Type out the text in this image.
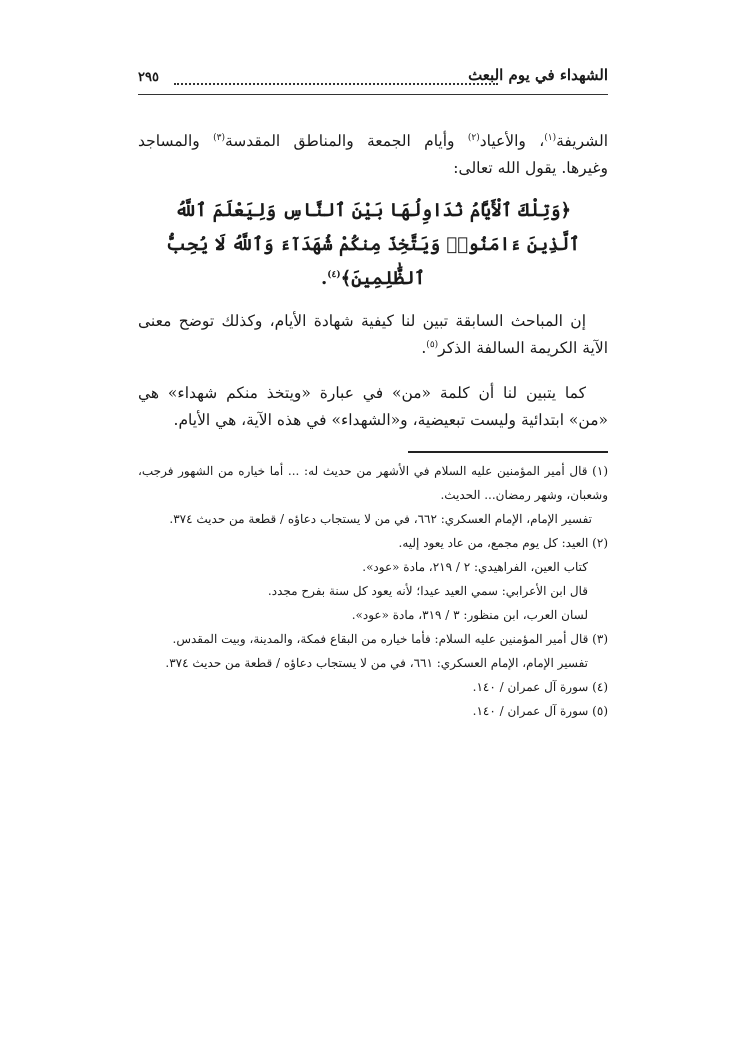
٢٩٥	الشهداء في يوم البعث

الشريفة$^{(١)}$، والأعياد$^{(٢)}$ وأيام الجمعة والمناطق المقدسة$^{(٣)}$ والمساجد وغيرها. يقول الله تعالى:

﴿وَتِلْكَ ٱلْأَيَّامُ نُدَاوِلُهَا بَيْنَ ٱلنَّاسِ وَلِيَعْلَمَ ٱللَّهُ ٱلَّذِينَ ءَامَنُوا۟ وَيَتَّخِذَ مِنكُمْ شُهَدَآءَ وَٱللَّهُ لَا يُحِبُّ ٱلظَّٰلِمِينَ﴾$^{(٤)}$.

إن المباحث السابقة تبين لنا كيفية شهادة الأيام، وكذلك توضح معنى الآية الكريمة السالفة الذكر$^{(٥)}$.

كما يتبين لنا أن كلمة «من» في عبارة «ويتخذ منكم شهداء» هي «من» ابتدائية وليست تبعيضية، و«الشهداء» في هذه الآية، هي الأيام.

(١) قال أمير المؤمنين عليه السلام في الأشهر من حديث له: ... أما خياره من الشهور فرجب، وشعبان، وشهر رمضان... الحديث.

تفسير الإمام، الإمام العسكري: ٦٦٢، في من لا يستجاب دعاؤه / قطعة من حديث ٣٧٤.

(٢) العيد: كل يوم مجمع، من عاد يعود إليه.

كتاب العين، الفراهيدي: ٢ / ٢١٩، مادة «عود».

قال ابن الأعرابي: سمي العيد عيدا؛ لأنه يعود كل سنة بفرح مجدد.

لسان العرب، ابن منظور: ٣ / ٣١٩، مادة «عود».

(٣) قال أمير المؤمنين عليه السلام: فأما خياره من البقاع فمكة، والمدينة، وبيت المقدس.

تفسير الإمام، الإمام العسكري: ٦٦١، في من لا يستجاب دعاؤه / قطعة من حديث ٣٧٤.

(٤) سورة آل عمران / ١٤٠.

(٥) سورة آل عمران / ١٤٠.
